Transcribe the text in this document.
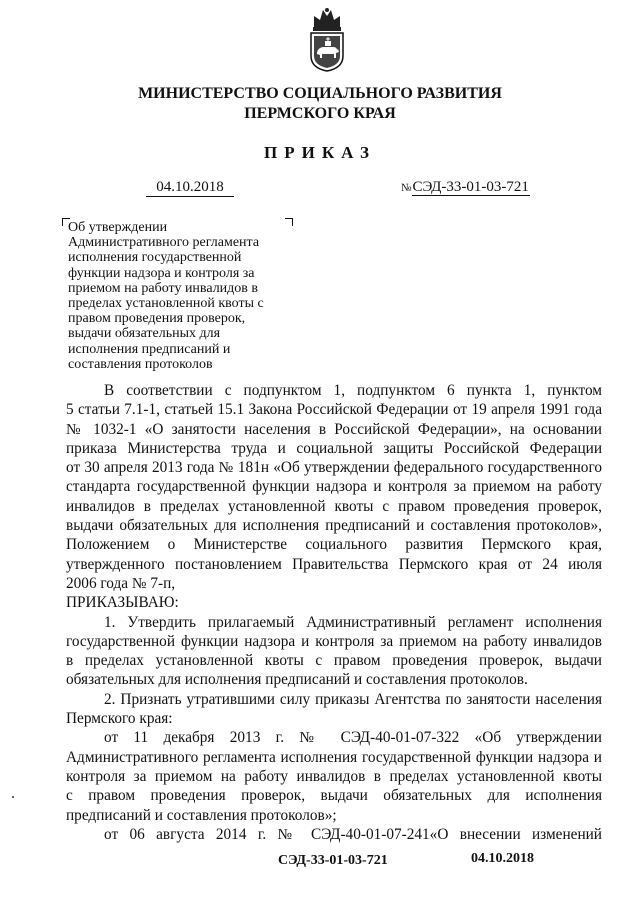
МИНИСТЕРСТВО СОЦИАЛЬНОГО РАЗВИТИЯ
ПЕРМСКОГО КРАЯ
ПРИКАЗ
04.10.2018	№СЭД-33-01-03-721
Об утверждении
Административного регламента
исполнения государственной
функции надзора и контроля за
приемом на работу инвалидов в
пределах установленной квоты с
правом проведения проверок,
выдачи обязательных для
исполнения предписаний и
составления протоколов
В соответствии с подпунктом 1, подпунктом 6 пункта 1, пунктом
5 статьи 7.1-1, статьей 15.1 Закона Российской Федерации от 19 апреля 1991 года
№ 1032-1 «О занятости населения в Российской Федерации», на основании
приказа Министерства труда и социальной защиты Российской Федерации
от 30 апреля 2013 года № 181н «Об утверждении федерального государственного
стандарта государственной функции надзора и контроля за приемом на работу
инвалидов в пределах установленной квоты с правом проведения проверок,
выдачи обязательных для исполнения предписаний и составления протоколов»,
Положением о Министерстве социального развития Пермского края,
утвержденного постановлением Правительства Пермского края от 24 июля
2006 года № 7-п,
ПРИКАЗЫВАЮ:
1. Утвердить прилагаемый Административный регламент исполнения
государственной функции надзора и контроля за приемом на работу инвалидов
в пределах установленной квоты с правом проведения проверок, выдачи
обязательных для исполнения предписаний и составления протоколов.
2. Признать утратившими силу приказы Агентства по занятости населения
Пермского края:
от 11 декабря 2013 г. № СЭД-40-01-07-322 «Об утверждении
Административного регламента исполнения государственной функции надзора и
контроля за приемом на работу инвалидов в пределах установленной квоты
с правом проведения проверок, выдачи обязательных для исполнения
предписаний и составления протоколов»;
от 06 августа 2014 г. № СЭД-40-01-07-241«О внесении изменений
СЭД-33-01-03-721	04.10.2018
